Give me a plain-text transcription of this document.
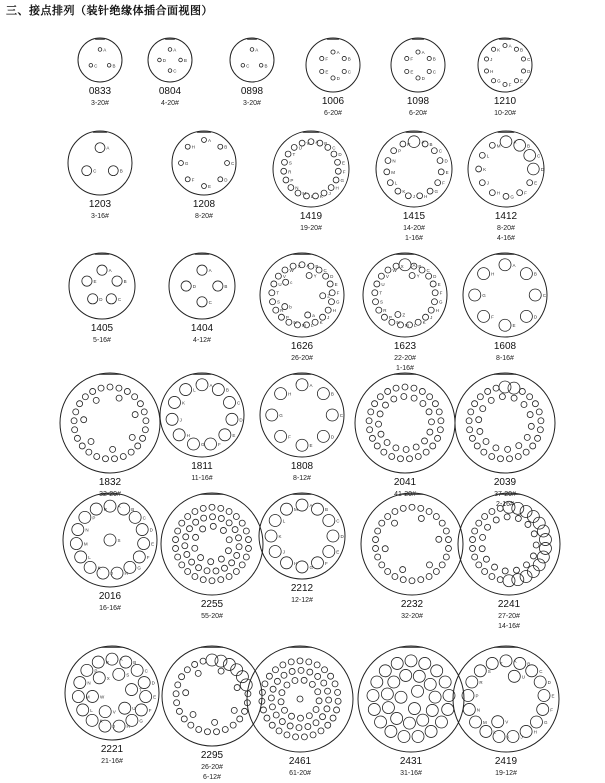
三、接点排列（装针绝缘体插合面视图）
A
B
C
0833
3-20#
A
B
C
D
0804
4-20#
A
B
C
0898
3-20#
A
B
C
D
E
F
1006
6-20#
A
B
C
D
E
F
1098
6-20#
A
B
C
D
E
F
G
H
J
K
1210
10-20#
A
B
C
1203
3-16#
A
B
C
D
E
F
G
H
1208
8-20#
A B
C
D
E
F
G
H
J
K
L
M
N
P
R
S
T
U
V
1419
19-20#
A B
C
D
E
F
G
H
J
K
L
M
N
P
R
1415
14-20#
1-16#
A
B
C
D
E
F
G
H
J
K
L
M
1412
8-20#
4-16#
A
B
C
D
E
1405
5-16#
A
B
C
D
1404
4-12#
A B
C
D
E
F
G
H
J
K
L
M
N
P
R
S
T
U
V
W
X
Y
Z
a
b
c
1626
26-20#
A B
C
D
E
F
G
H
J
K
L
M
N
P
R
S
T
U
V
W
X
Y
Z
1623
22-20#
1-16#
A
B
C
D
E
F
G
H
1608
8-16#
1832
32-20#
A
B
C
D
E
F
G
H
J
K
L
1811
11-16#
A
B
C
D
E
F
G
H
1808
8-12#	2041
41-20#
2039
37-20#
2-16#
A
B
C
D
E
F
G
H
J
K
L
M
N
P
R
S
2016
16-16#	2255
55-20#
A
B
C
D
E
F
G
H
J
K
L
M
2212
12-12#	2232
32-20#
2241
27-20#
14-16#
A
B
C
D
E
F
G
H
J
K
L
M
N
P
R
S
T
U
V
W
X
2221
21-16#
2295
26-20#
6-12#
2461
61-20#
2431
31-16#
A
B
C
D
E
F
G
H
J
K
L
M
N
P
R
S
T
U
V
2419
19-12#
